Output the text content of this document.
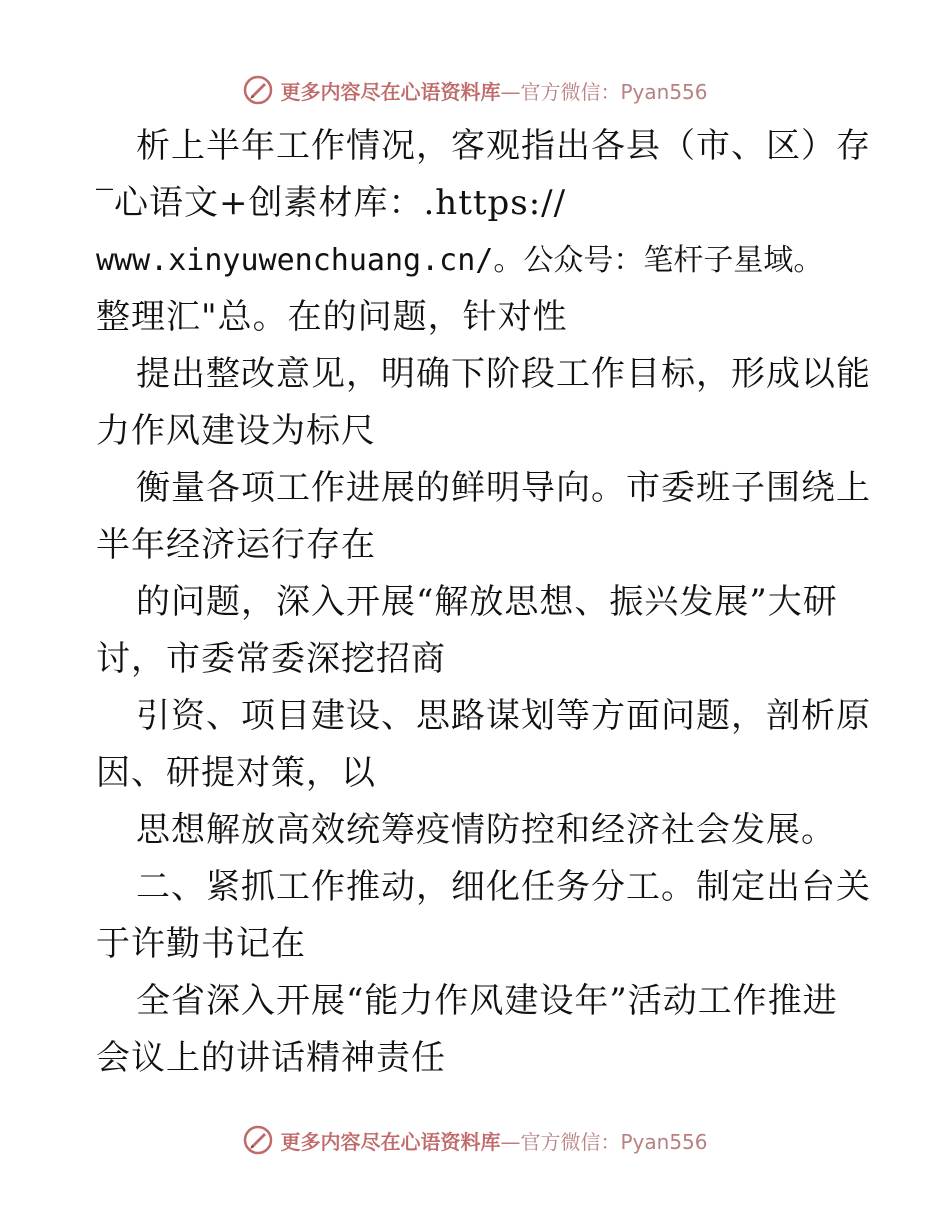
更多内容尽在心语资料库—官方微信：Pyan556
析上半年工作情况，客观指出各县（市、区）存
‾心语文+创素材库：.https://
www.xinyuwenchuang.cn/。公众号：笔杆子星域。
整理汇"总。在的问题，针对性
提出整改意见，明确下阶段工作目标，形成以能
力作风建设为标尺
衡量各项工作进展的鲜明导向。市委班子围绕上
半年经济运行存在
的问题，深入开展“解放思想、振兴发展”大研
讨，市委常委深挖招商
引资、项目建设、思路谋划等方面问题，剖析原
因、研提对策，以
思想解放高效统筹疫情防控和经济社会发展。
二、紧抓工作推动，细化任务分工。制定出台关
于许勤书记在
全省深入开展“能力作风建设年”活动工作推进
会议上的讲话精神责任
更多内容尽在心语资料库—官方微信：Pyan556
